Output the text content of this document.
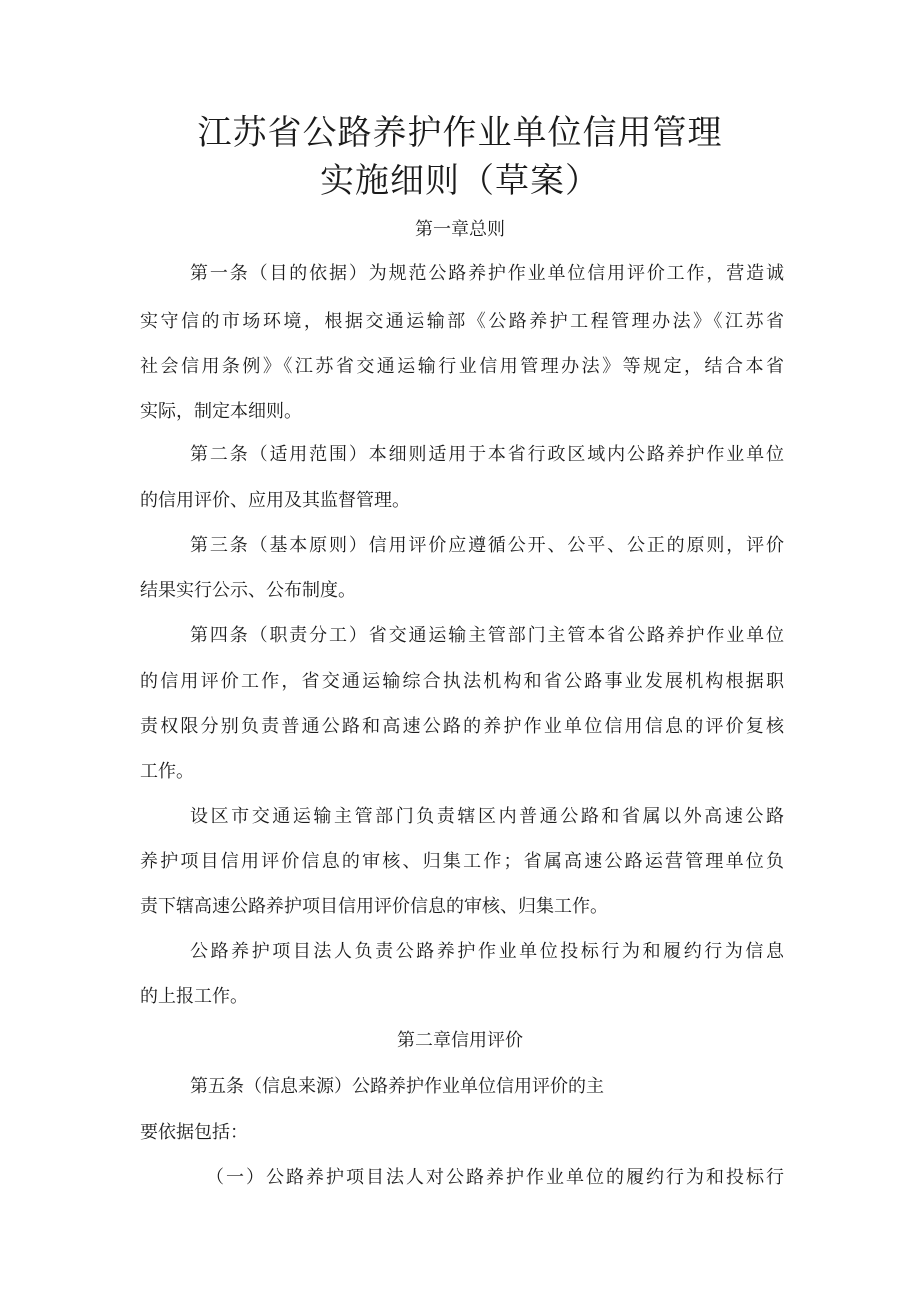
江苏省公路养护作业单位信用管理
实施细则（草案）
第一章总则
第一条（目的依据）为规范公路养护作业单位信用评价工作，营造诚
实守信的市场环境，根据交通运输部《公路养护工程管理办法》《江苏省
社会信用条例》《江苏省交通运输行业信用管理办法》等规定，结合本省
实际，制定本细则。
第二条（适用范围）本细则适用于本省行政区域内公路养护作业单位
的信用评价、应用及其监督管理。
第三条（基本原则）信用评价应遵循公开、公平、公正的原则，评价
结果实行公示、公布制度。
第四条（职责分工）省交通运输主管部门主管本省公路养护作业单位
的信用评价工作，省交通运输综合执法机构和省公路事业发展机构根据职
责权限分别负责普通公路和高速公路的养护作业单位信用信息的评价复核
工作。
设区市交通运输主管部门负责辖区内普通公路和省属以外高速公路
养护项目信用评价信息的审核、归集工作；省属高速公路运营管理单位负
责下辖高速公路养护项目信用评价信息的审核、归集工作。
公路养护项目法人负责公路养护作业单位投标行为和履约行为信息
的上报工作。
第二章信用评价
第五条（信息来源）公路养护作业单位信用评价的主
要依据包括：
（一）公路养护项目法人对公路养护作业单位的履约行为和投标行
